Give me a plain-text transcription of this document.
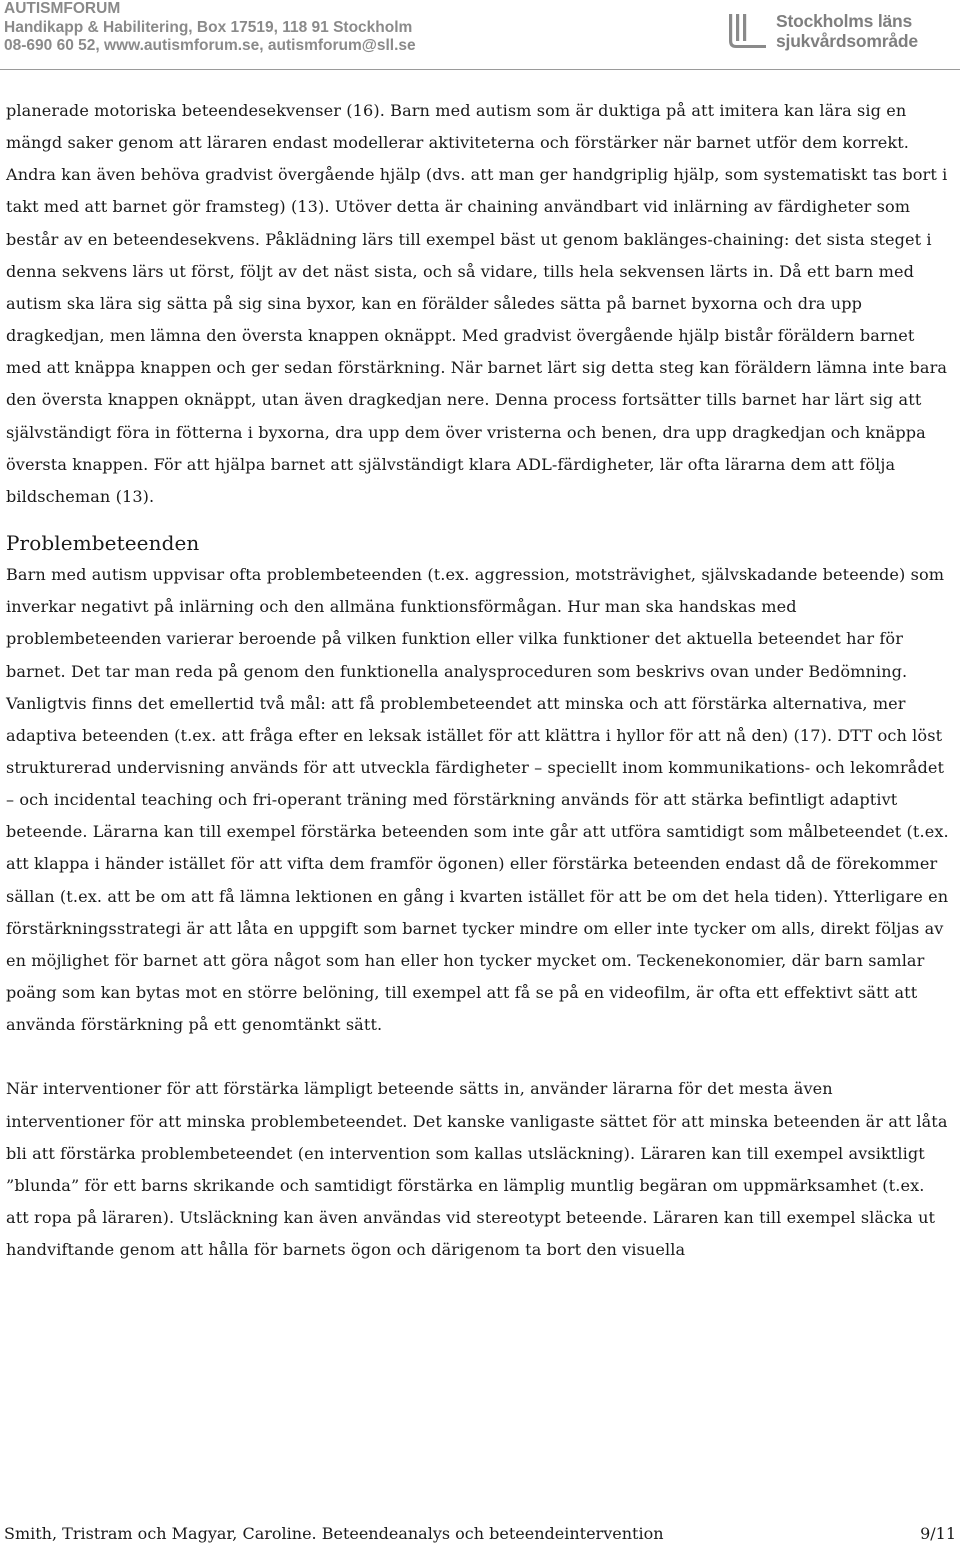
AUTISMFORUM
Handikapp & Habilitering, Box 17519, 118 91 Stockholm
08-690 60 52, www.autismforum.se, autismforum@sll.se
Stockholms läns
sjukvårdsområde

planerade motoriska beteendesekvenser (16). Barn med autism som är duktiga på att imitera kan lära sig en mängd saker genom att läraren endast modellerar aktiviteterna och förstärker när barnet utför dem korrekt. Andra kan även behöva gradvist övergående hjälp (dvs. att man ger handgriplig hjälp, som systematiskt tas bort i takt med att barnet gör framsteg) (13). Utöver detta är chaining användbart vid inlärning av färdigheter som består av en beteendesekvens. Påklädning lärs till exempel bäst ut genom baklänges-chaining: det sista steget i denna sekvens lärs ut först, följt av det näst sista, och så vidare, tills hela sekvensen lärts in. Då ett barn med autism ska lära sig sätta på sig sina byxor, kan en förälder således sätta på barnet byxorna och dra upp dragkedjan, men lämna den översta knappen oknäppt. Med gradvist övergående hjälp bistår föräldern barnet med att knäppa knappen och ger sedan förstärkning. När barnet lärt sig detta steg kan föräldern lämna inte bara den översta knappen oknäppt, utan även dragkedjan nere. Denna process fortsätter tills barnet har lärt sig att självständigt föra in fötterna i byxorna, dra upp dem över vristerna och benen, dra upp dragkedjan och knäppa översta knappen. För att hjälpa barnet att självständigt klara ADL-färdigheter, lär ofta lärarna dem att följa bildscheman (13).

Problembeteenden

Barn med autism uppvisar ofta problembeteenden (t.ex. aggression, motsträvighet, självskadande beteende) som inverkar negativt på inlärning och den allmäna funktionsförmågan. Hur man ska handskas med problembeteenden varierar beroende på vilken funktion eller vilka funktioner det aktuella beteendet har för barnet. Det tar man reda på genom den funktionella analysproceduren som beskrivs ovan under Bedömning. Vanligtvis finns det emellertid två mål: att få problembeteendet att minska och att förstärka alternativa, mer adaptiva beteenden (t.ex. att fråga efter en leksak istället för att klättra i hyllor för att nå den) (17). DTT och löst strukturerad undervisning används för att utveckla färdigheter – speciellt inom kommunikations- och lekområdet – och incidental teaching och fri-operant träning med förstärkning används för att stärka befintligt adaptivt beteende. Lärarna kan till exempel förstärka beteenden som inte går att utföra samtidigt som målbeteendet (t.ex. att klappa i händer istället för att vifta dem framför ögonen) eller förstärka beteenden endast då de förekommer sällan (t.ex. att be om att få lämna lektionen en gång i kvarten istället för att be om det hela tiden). Ytterligare en förstärkningsstrategi är att låta en uppgift som barnet tycker mindre om eller inte tycker om alls, direkt följas av en möjlighet för barnet att göra något som han eller hon tycker mycket om. Teckenekonomier, där barn samlar poäng som kan bytas mot en större belöning, till exempel att få se på en videofilm, är ofta ett effektivt sätt att använda förstärkning på ett genomtänkt sätt.

När interventioner för att förstärka lämpligt beteende sätts in, använder lärarna för det mesta även interventioner för att minska problembeteendet. Det kanske vanligaste sättet för att minska beteenden är att låta bli att förstärka problembeteendet (en intervention som kallas utsläckning). Läraren kan till exempel avsiktligt ”blunda” för ett barns skrikande och samtidigt förstärka en lämplig muntlig begäran om uppmärksamhet (t.ex. att ropa på läraren). Utsläckning kan även användas vid stereotypt beteende. Läraren kan till exempel släcka ut handviftande genom att hålla för barnets ögon och därigenom ta bort den visuella

Smith, Tristram och Magyar, Caroline. Beteendeanalys och beteendeintervention	9/11
